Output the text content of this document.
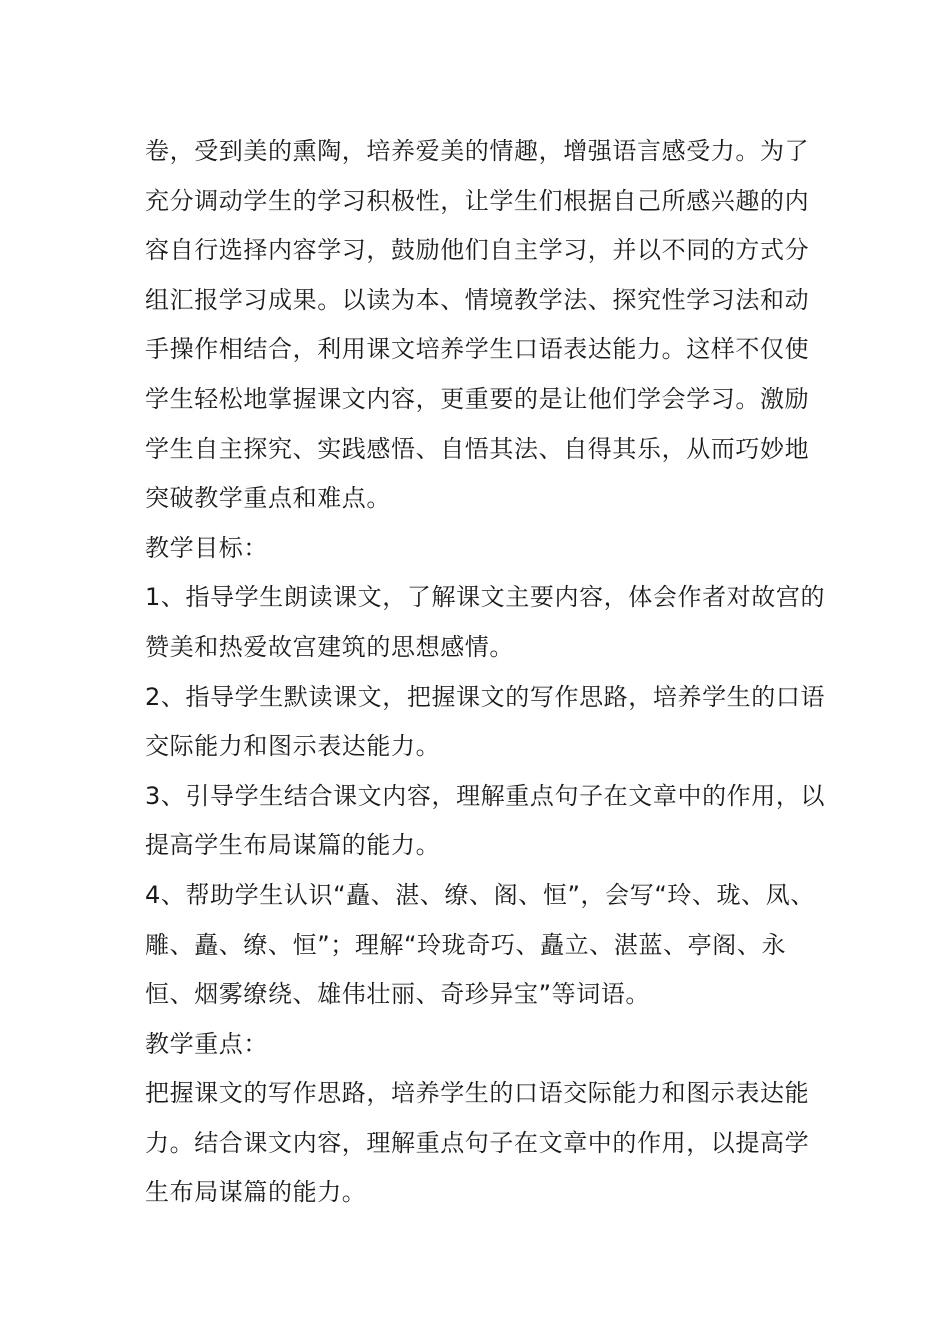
卷，受到美的熏陶，培养爱美的情趣，增强语言感受力。为了
充分调动学生的学习积极性，让学生们根据自己所感兴趣的内
容自行选择内容学习，鼓励他们自主学习，并以不同的方式分
组汇报学习成果。以读为本、情境教学法、探究性学习法和动
手操作相结合，利用课文培养学生口语表达能力。这样不仅使
学生轻松地掌握课文内容，更重要的是让他们学会学习。激励
学生自主探究、实践感悟、自悟其法、自得其乐，从而巧妙地
突破教学重点和难点。
教学目标：
1、指导学生朗读课文，了解课文主要内容，体会作者对故宫的
赞美和热爱故宫建筑的思想感情。
2、指导学生默读课文，把握课文的写作思路，培养学生的口语
交际能力和图示表达能力。
3、引导学生结合课文内容，理解重点句子在文章中的作用，以
提高学生布局谋篇的能力。
4、帮助学生认识“矗、湛、缭、阁、恒”，会写“玲、珑、凤、
雕、矗、缭、恒”；理解“玲珑奇巧、矗立、湛蓝、亭阁、永
恒、烟雾缭绕、雄伟壮丽、奇珍异宝”等词语。
教学重点：
把握课文的写作思路，培养学生的口语交际能力和图示表达能
力。结合课文内容，理解重点句子在文章中的作用，以提高学
生布局谋篇的能力。
